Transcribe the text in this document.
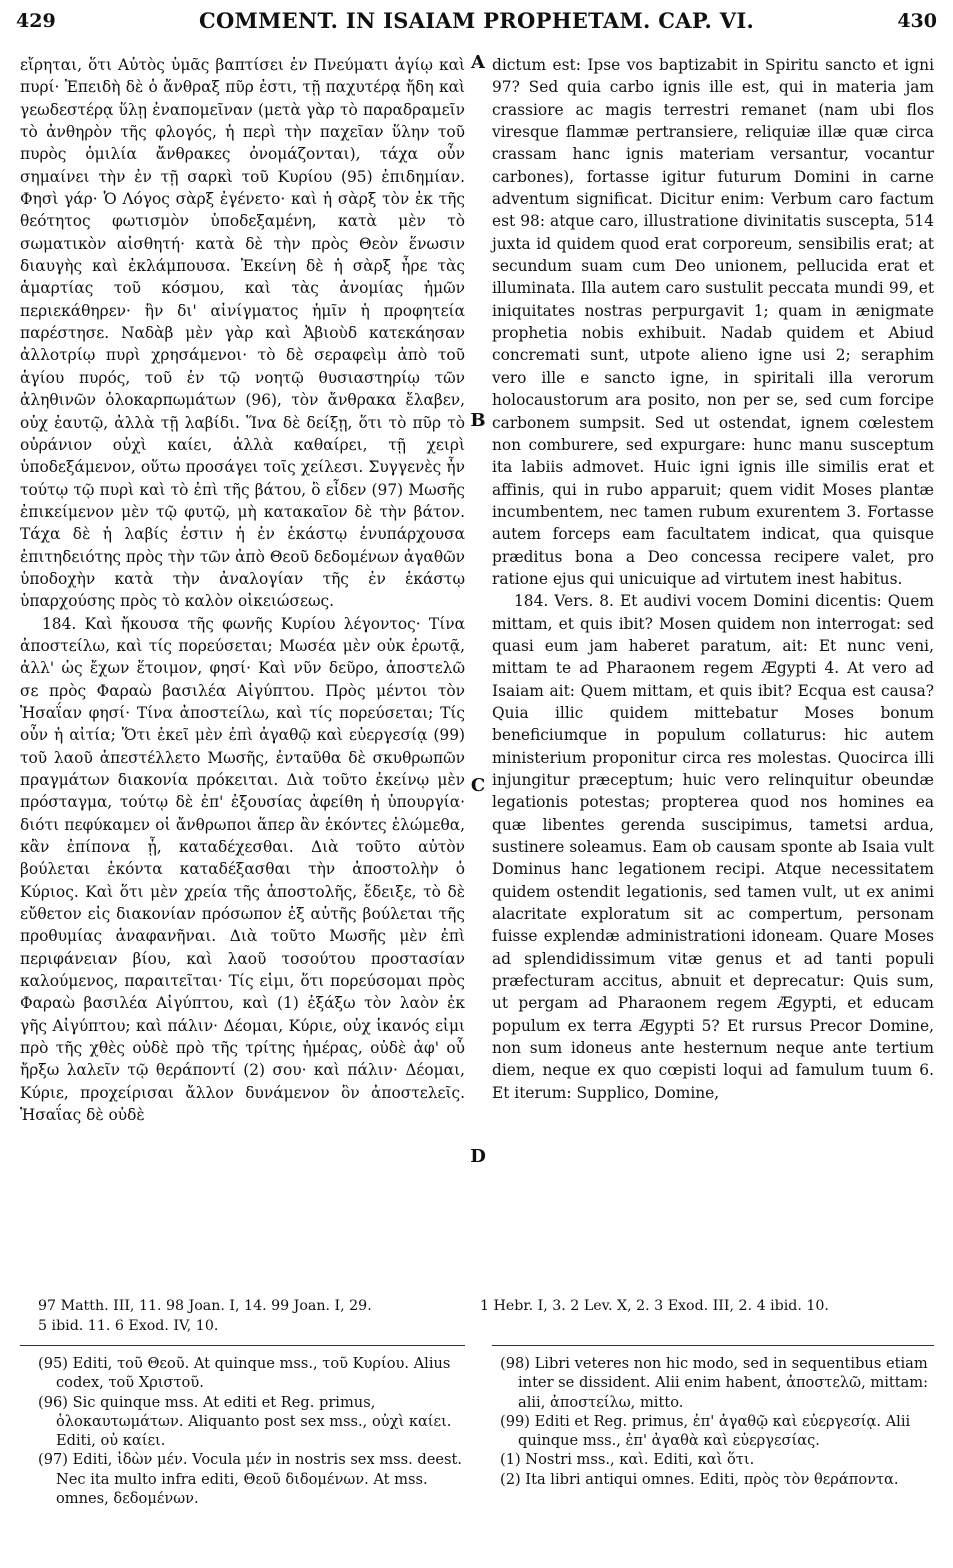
429	COMMENT. IN ISAIAM PROPHETAM. CAP. VI.	430

εἴρηται, ὅτι Αὐτὸς ὑμᾶς βαπτίσει ἐν Πνεύματι ἁγίῳ καὶ πυρί· Ἐπειδὴ δὲ ὁ ἄνθραξ πῦρ ἐστι, τῇ παχυτέρᾳ ἤδη καὶ γεωδεστέρᾳ ὕλῃ ἐναπομεῖναν (μετὰ γὰρ τὸ παραδραμεῖν τὸ ἀνθηρὸν τῆς φλογός, ἡ περὶ τὴν παχεῖαν ὕλην τοῦ πυρὸς ὁμιλία ἄνθρακες ὀνομάζονται), τάχα οὖν σημαίνει τὴν ἐν τῇ σαρκὶ τοῦ Κυρίου (95) ἐπιδημίαν. Φησὶ γάρ· Ὁ Λόγος σὰρξ ἐγένετο· καὶ ἡ σὰρξ τὸν ἐκ τῆς θεότητος φωτισμὸν ὑποδεξαμένη, κατὰ μὲν τὸ σωματικὸν αἰσθητή· κατὰ δὲ τὴν πρὸς Θεὸν ἕνωσιν διαυγὴς καὶ ἐκλάμπουσα. Ἐκείνη δὲ ἡ σὰρξ ἦρε τὰς ἁμαρτίας τοῦ κόσμου, καὶ τὰς ἀνομίας ἡμῶν περιεκάθηρεν· ἣν δι' αἰνίγματος ἡμῖν ἡ προφητεία παρέστησε. Ναδὰβ μὲν γὰρ καὶ Ἀβιοὺδ κατεκάησαν ἀλλοτρίῳ πυρὶ χρησάμενοι· τὸ δὲ σεραφεὶμ ἀπὸ τοῦ ἁγίου πυρός, τοῦ ἐν τῷ νοητῷ θυσιαστηρίῳ τῶν ἀληθινῶν ὁλοκαρπωμάτων (96), τὸν ἄνθρακα ἔλαβεν, οὐχ ἑαυτῷ, ἀλλὰ τῇ λαβίδι. Ἵνα δὲ δείξῃ, ὅτι τὸ πῦρ τὸ οὐράνιον οὐχὶ καίει, ἀλλὰ καθαίρει, τῇ χειρὶ ὑποδεξάμενον, οὕτω προσάγει τοῖς χείλεσι. Συγγενὲς ἦν τούτῳ τῷ πυρὶ καὶ τὸ ἐπὶ τῆς βάτου, ὃ εἶδεν (97) Μωσῆς ἐπικείμενον μὲν τῷ φυτῷ, μὴ κατακαῖον δὲ τὴν βάτον. Τάχα δὲ ἡ λαβίς ἐστιν ἡ ἐν ἑκάστῳ ἐνυπάρχουσα ἐπιτηδειότης πρὸς τὴν τῶν ἀπὸ Θεοῦ δεδομένων ἀγαθῶν ὑποδοχὴν κατὰ τὴν ἀναλογίαν τῆς ἐν ἑκάστῳ ὑπαρχούσης πρὸς τὸ καλὸν οἰκειώσεως.

184. Καὶ ἤκουσα τῆς φωνῆς Κυρίου λέγοντος· Τίνα ἀποστείλω, καὶ τίς πορεύσεται; Μωσέα μὲν οὐκ ἐρωτᾷ, ἀλλ' ὡς ἔχων ἕτοιμον, φησί· Καὶ νῦν δεῦρο, ἀποστελῶ σε πρὸς Φαραὼ βασιλέα Αἰγύπτου. Πρὸς μέντοι τὸν Ἡσαΐαν φησί· Τίνα ἀποστείλω, καὶ τίς πορεύσεται; Τίς οὖν ἡ αἰτία; Ὅτι ἐκεῖ μὲν ἐπὶ ἀγαθῷ καὶ εὐεργεσίᾳ (99) τοῦ λαοῦ ἀπεστέλλετο Μωσῆς, ἐνταῦθα δὲ σκυθρωπῶν πραγμάτων διακονία πρόκειται. Διὰ τοῦτο ἐκείνῳ μὲν πρόσταγμα, τούτῳ δὲ ἐπ' ἐξουσίας ἀφείθη ἡ ὑπουργία· διότι πεφύκαμεν οἱ ἄνθρωποι ἅπερ ἂν ἑκόντες ἑλώμεθα, κἂν ἐπίπονα ᾖ, καταδέχεσθαι. Διὰ τοῦτο αὐτὸν βούλεται ἑκόντα καταδέξασθαι τὴν ἀποστολὴν ὁ Κύριος. Καὶ ὅτι μὲν χρεία τῆς ἀποστολῆς, ἔδειξε, τὸ δὲ εὔθετον εἰς διακονίαν πρόσωπον ἐξ αὐτῆς βούλεται τῆς προθυμίας ἀναφανῆναι. Διὰ τοῦτο Μωσῆς μὲν ἐπὶ περιφάνειαν βίου, καὶ λαοῦ τοσούτου προστασίαν καλούμενος, παραιτεῖται· Τίς εἰμι, ὅτι πορεύσομαι πρὸς Φαραὼ βασιλέα Αἰγύπτου, καὶ (1) ἐξάξω τὸν λαὸν ἐκ γῆς Αἰγύπτου; καὶ πάλιν· Δέομαι, Κύριε, οὐχ ἱκανός εἰμι πρὸ τῆς χθὲς οὐδὲ πρὸ τῆς τρίτης ἡμέρας, οὐδὲ ἀφ' οὗ ἤρξω λαλεῖν τῷ θεράποντί (2) σου· καὶ πάλιν· Δέομαι, Κύριε, προχείρισαι ἄλλον δυνάμενον ὃν ἀποστελεῖς. Ἡσαΐας δὲ οὐδὲ

A
B
C
D

dictum est: Ipse vos baptizabit in Spiritu sancto et igni 97? Sed quia carbo ignis ille est, qui in materia jam crassiore ac magis terrestri remanet (nam ubi flos viresque flammæ pertransiere, reliquiæ illæ quæ circa crassam hanc ignis materiam versantur, vocantur carbones), fortasse igitur futurum Domini in carne adventum significat. Dicitur enim: Verbum caro factum est 98: atque caro, illustratione divinitatis suscepta, 514 juxta id quidem quod erat corporeum, sensibilis erat; at secundum suam cum Deo unionem, pellucida erat et illuminata. Illa autem caro sustulit peccata mundi 99, et iniquitates nostras perpurgavit 1; quam in ænigmate prophetia nobis exhibuit. Nadab quidem et Abiud concremati sunt, utpote alieno igne usi 2; seraphim vero ille e sancto igne, in spiritali illa verorum holocaustorum ara posito, non per se, sed cum forcipe carbonem sumpsit. Sed ut ostendat, ignem cœlestem non comburere, sed expurgare: hunc manu susceptum ita labiis admovet. Huic igni ignis ille similis erat et affinis, qui in rubo apparuit; quem vidit Moses plantæ incumbentem, nec tamen rubum exurentem 3. Fortasse autem forceps eam facultatem indicat, qua quisque præditus bona a Deo concessa recipere valet, pro ratione ejus qui unicuique ad virtutem inest habitus.

184. Vers. 8. Et audivi vocem Domini dicentis: Quem mittam, et quis ibit? Mosen quidem non interrogat: sed quasi eum jam haberet paratum, ait: Et nunc veni, mittam te ad Pharaonem regem Ægypti 4. At vero ad Isaiam ait: Quem mittam, et quis ibit? Ecqua est causa? Quia illic quidem mittebatur Moses bonum beneficiumque in populum collaturus: hic autem ministerium proponitur circa res molestas. Quocirca illi injungitur præceptum; huic vero relinquitur obeundæ legationis potestas; propterea quod nos homines ea quæ libentes gerenda suscipimus, tametsi ardua, sustinere soleamus. Eam ob causam sponte ab Isaia vult Dominus hanc legationem recipi. Atque necessitatem quidem ostendit legationis, sed tamen vult, ut ex animi alacritate exploratum sit ac compertum, personam fuisse explendæ administrationi idoneam. Quare Moses ad splendidissimum vitæ genus et ad tanti populi præfecturam accitus, abnuit et deprecatur: Quis sum, ut pergam ad Pharaonem regem Ægypti, et educam populum ex terra Ægypti 5? Et rursus Precor Domine, non sum idoneus ante hesternum neque ante tertium diem, neque ex quo cœpisti loqui ad famulum tuum 6. Et iterum: Supplico, Domine,

97 Matth. III, 11. 98 Joan. I, 14. 99 Joan. I, 29.

5 ibid. 11. 6 Exod. IV, 10.

1 Hebr. I, 3. 2 Lev. X, 2. 3 Exod. III, 2. 4 ibid. 10.

(95) Editi, τοῦ Θεοῦ. At quinque mss., τοῦ Κυρίου. Alius codex, τοῦ Χριστοῦ.

(96) Sic quinque mss. At editi et Reg. primus, ὁλοκαυτωμάτων. Aliquanto post sex mss., οὐχὶ καίει. Editi, οὐ καίει.

(97) Editi, ἰδὼν μέν. Vocula μέν in nostris sex mss. deest. Nec ita multo infra editi, Θεοῦ διδομένων. At mss. omnes, δεδομένων.

(98) Libri veteres non hic modo, sed in sequentibus etiam inter se dissident. Alii enim habent, ἀποστελῶ, mittam: alii, ἀποστείλω, mitto.

(99) Editi et Reg. primus, ἐπ' ἀγαθῷ καὶ εὐεργεσίᾳ. Alii quinque mss., ἐπ' ἀγαθὰ καὶ εὐεργεσίας.

(1) Nostri mss., καὶ. Editi, καὶ ὅτι.

(2) Ita libri antiqui omnes. Editi, πρὸς τὸν θεράποντα.
